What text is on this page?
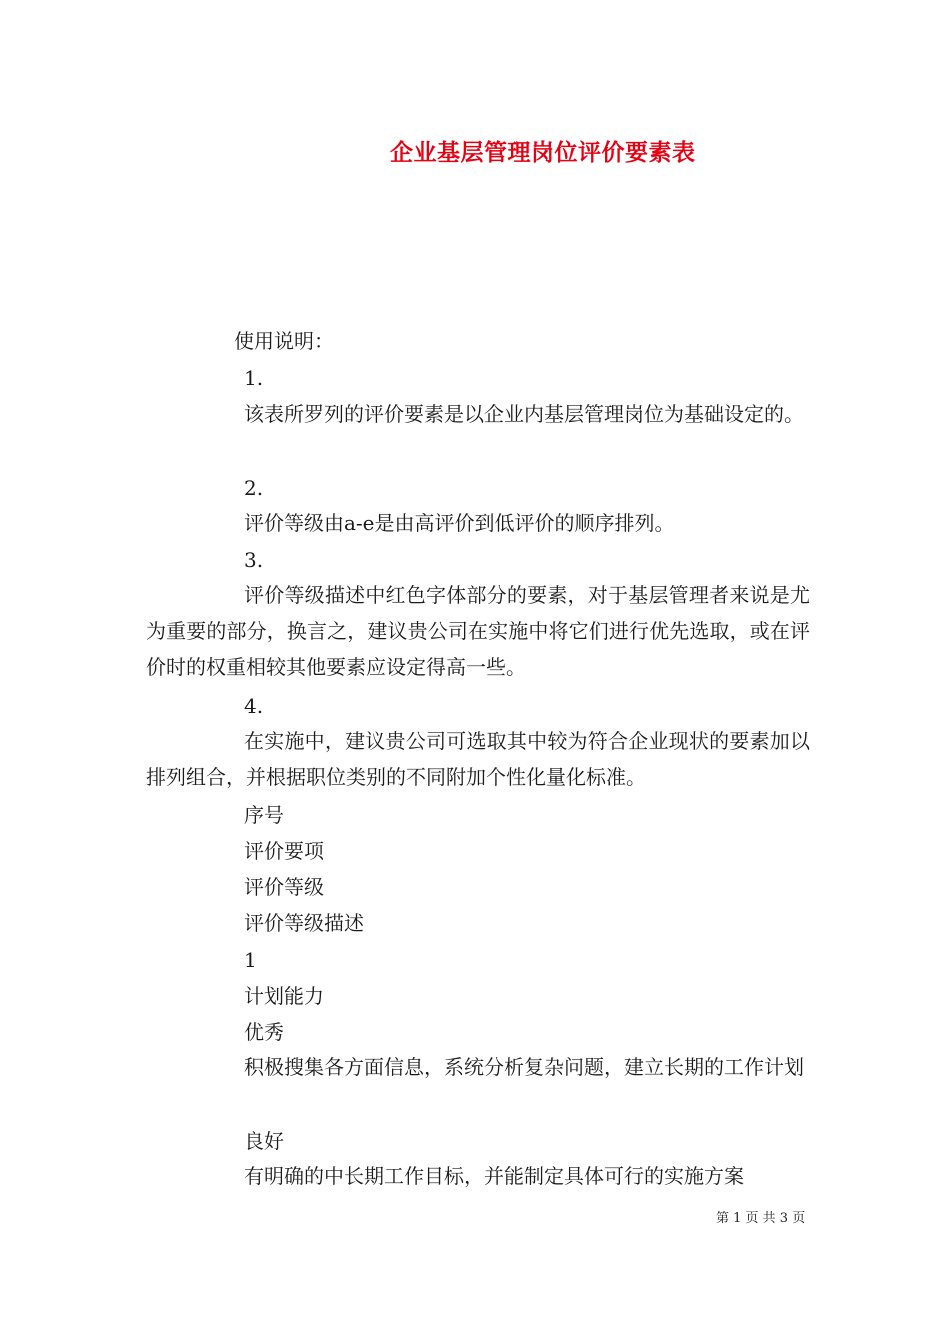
企业基层管理岗位评价要素表
使用说明：
1.

该表所罗列的评价要素是以企业内基层管理岗位为基础设定的。

2.

评价等级由a-e是由高评价到低评价的顺序排列。

3.

评价等级描述中红色字体部分的要素，对于基层管理者来说是尤为重要的部分，换言之，建议贵公司在实施中将它们进行优先选取，或在评价时的权重相较其他要素应设定得高一些。

4.

在实施中，建议贵公司可选取其中较为符合企业现状的要素加以排列组合，并根据职位类别的不同附加个性化量化标准。

序号
评价要项
评价等级
评价等级描述
1
计划能力
优秀

积极搜集各方面信息，系统分析复杂问题，建立长期的工作计划

良好

有明确的中长期工作目标，并能制定具体可行的实施方案

第 1 页 共 3 页
